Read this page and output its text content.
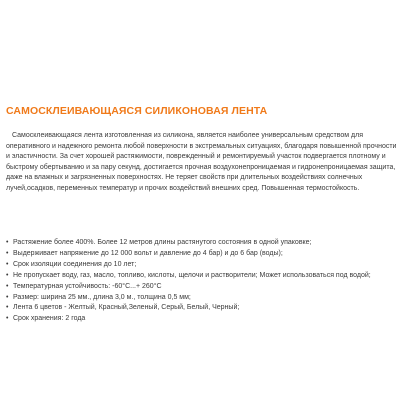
САМОСКЛЕИВАЮЩАЯСЯ СИЛИКОНОВАЯ ЛЕНТА

Самосклеивающаяся лента изготовленная из силикона, является наиболее универсальным средством для оперативного и надежного ремонта любой поверхности в экстремальных ситуациях, благодаря повышенной прочности и эластичности. За счет хорошей растяжимости, поврежденный и ремонтируемый участок подвергается плотному и быстрому обертыванию и за пару секунд, достигается прочная воздухонепроницаемая и гидронепроницаемая защита, даже на влажных и загрязненных поверхностях. Не теряет свойств при длительных воздействиях солнечных лучей,осадков, переменных температур и прочих воздействий внешних сред. Повышенная термостойкость.

• Растяжение более 400%. Более 12 метров длины растянутого состояния в одной упаковке;
• Выдерживает напряжение до 12 000 вольт и давление до 4 бар) и до 6 бар (воды);
• Срок изоляции соединения до 10 лет;
• Не пропускает воду, газ, масло, топливо, кислоты, щелочи и растворители; Может использоваться под водой;
• Температурная устойчивость: -60°C...+ 260°C
• Размер: ширина 25 мм., длина 3,0 м., толщина 0,5 мм;
• Лента 6 цветов - Желтый, Красный,Зеленый, Серый, Белый, Черный;
• Срок хранения: 2 года
